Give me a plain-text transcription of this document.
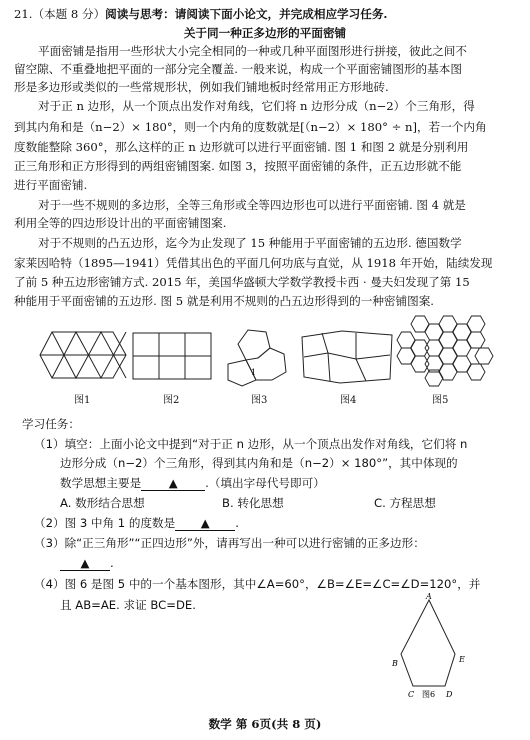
21.（本题 8 分）阅读与思考：请阅读下面小论文，并完成相应学习任务.
关于同一种正多边形的平面密铺
平面密铺是指用一些形状大小完全相同的一种或几种平面图形进行拼接，彼此之间不
留空隙、不重叠地把平面的一部分完全覆盖. 一般来说，构成一个平面密铺图形的基本图
形是多边形或类似的一些常规形状，例如我们铺地板时经常用正方形地砖.
对于正 n 边形，从一个顶点出发作对角线，它们将 n 边形分成（n−2）个三角形，得
到其内角和是（n−2）× 180°，则一个内角的度数就是[（n−2）× 180° ÷ n]，若一个内角
度数能整除 360°，那么这样的正 n 边形就可以进行平面密铺. 图 1 和图 2 就是分别利用
正三角形和正方形得到的两组密铺图案. 如图 3，按照平面密铺的条件，正五边形就不能
进行平面密铺.
对于一些不规则的多边形，全等三角形或全等四边形也可以进行平面密铺. 图 4 就是
利用全等的四边形设计出的平面密铺图案.
对于不规则的凸五边形，迄今为止发现了 15 种能用于平面密铺的五边形. 德国数学
家莱因哈特（1895—1941）凭借其出色的平面几何功底与直觉，从 1918 年开始，陆续发现
了前 5 种五边形密铺方式. 2015 年，美国华盛顿大学数学教授卡西 · 曼夫妇发现了第 15
种能用于平面密铺的五边形. 图 5 就是利用不规则的凸五边形得到的一种密铺图案.
图1	图2
1
图3	图4	图5
学习任务：
（1）填空：上面小论文中提到“对于正 n 边形，从一个顶点出发作对角线，它们将 n
边形分成（n−2）个三角形，得到其内角和是（n−2）× 180°”，其中体现的
数学思想主要是 ▲ .（填出字母代号即可）
A. 数形结合思想	B. 转化思想	C. 方程思想
（2）图 3 中角 1 的度数是 ▲ .
（3）除“正三角形”“正四边形”外，请再写出一种可以进行密铺的正多边形：
▲ .
（4）图 6 是图 5 中的一个基本图形，其中∠A=60°，∠B=∠E=∠C=∠D=120°，并
且 AB=AE. 求证 BC=DE.
A
B
C	D
E
图6
数学 第 6页(共 8 页)
